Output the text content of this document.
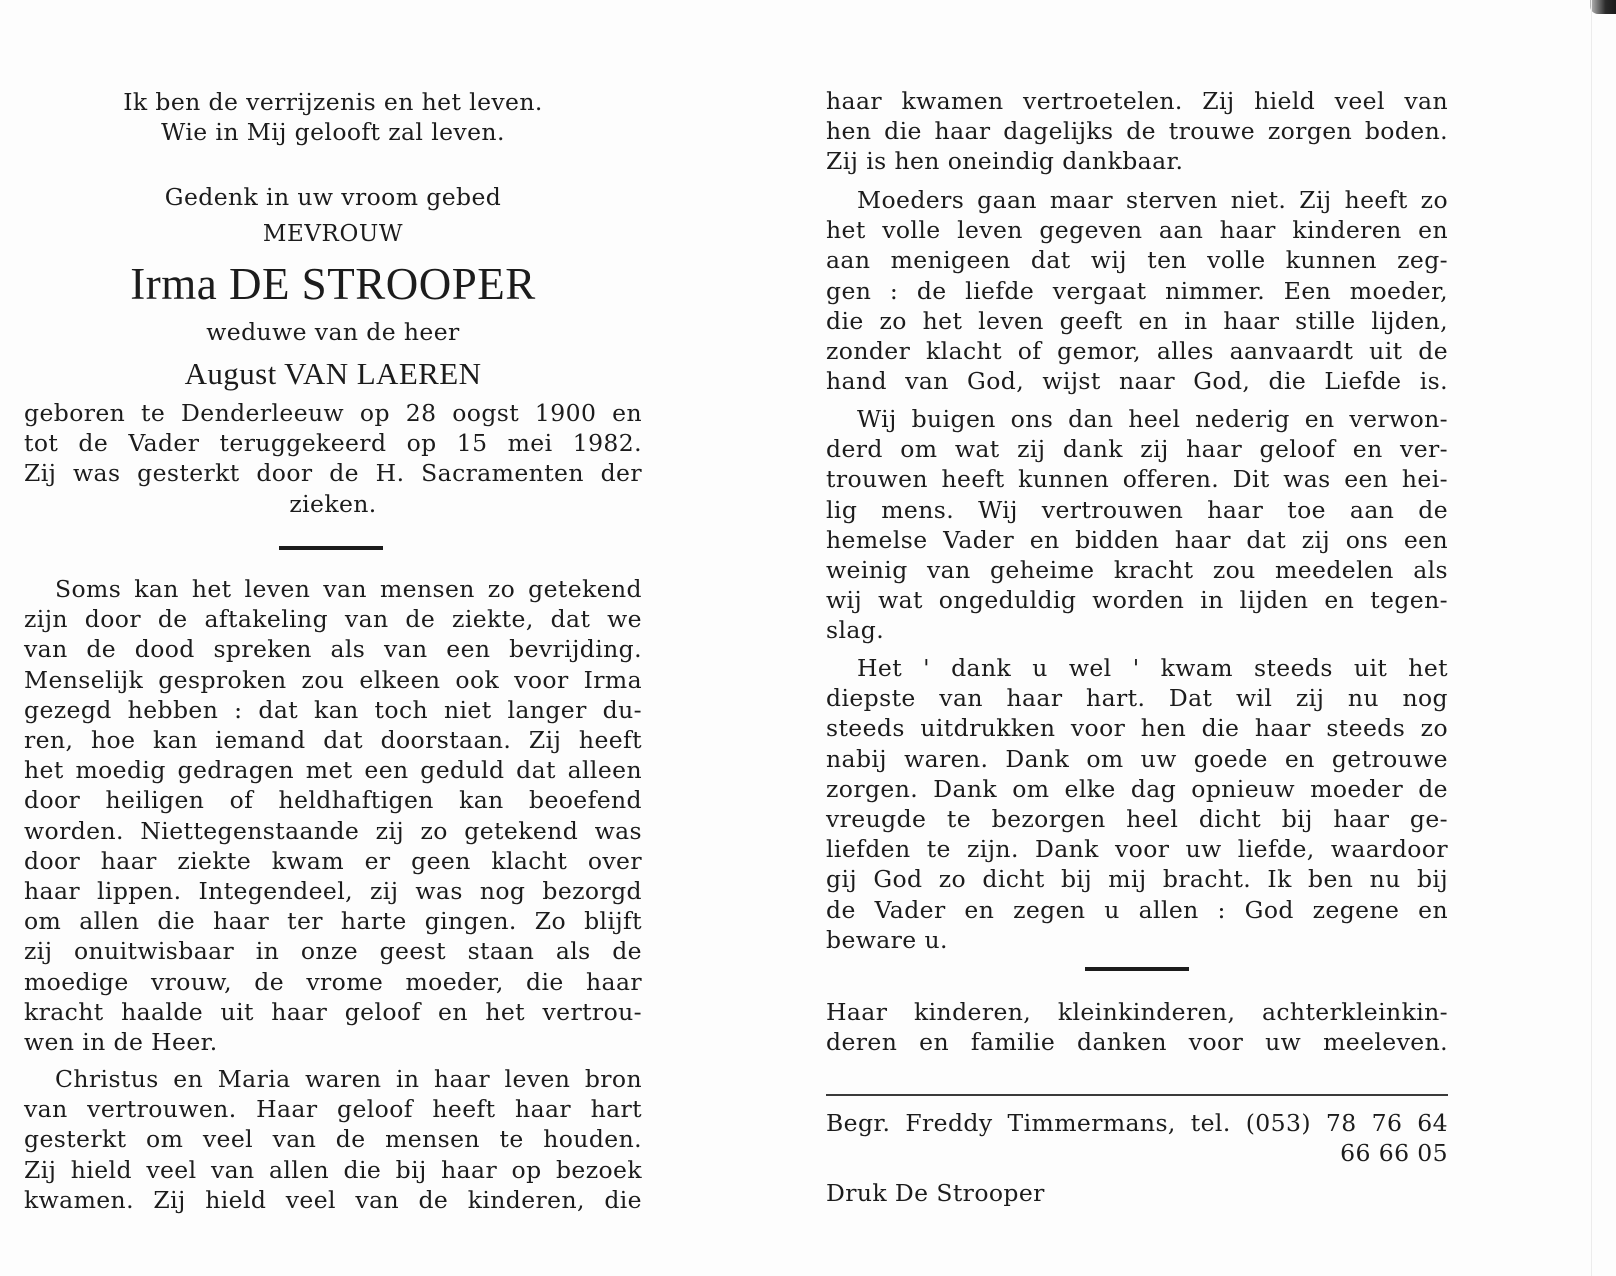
Ik ben de verrijzenis en het leven.
Wie in Mij gelooft zal leven.
Gedenk in uw vroom gebed
MEVROUW
Irma DE STROOPER
weduwe van de heer
August VAN LAEREN
geboren te Denderleeuw op 28 oogst 1900 en
tot de Vader teruggekeerd op 15 mei 1982.
Zij was gesterkt door de H. Sacramenten der
zieken.
Soms kan het leven van mensen zo getekend
zijn door de aftakeling van de ziekte, dat we
van de dood spreken als van een bevrijding.
Menselijk gesproken zou elkeen ook voor Irma
gezegd hebben : dat kan toch niet langer du-
ren, hoe kan iemand dat doorstaan. Zij heeft
het moedig gedragen met een geduld dat alleen
door heiligen of heldhaftigen kan beoefend
worden. Niettegenstaande zij zo getekend was
door haar ziekte kwam er geen klacht over
haar lippen. Integendeel, zij was nog bezorgd
om allen die haar ter harte gingen. Zo blijft
zij onuitwisbaar in onze geest staan als de
moedige vrouw, de vrome moeder, die haar
kracht haalde uit haar geloof en het vertrou-
wen in de Heer.
Christus en Maria waren in haar leven bron
van vertrouwen. Haar geloof heeft haar hart
gesterkt om veel van de mensen te houden.
Zij hield veel van allen die bij haar op bezoek
kwamen. Zij hield veel van de kinderen, die
haar kwamen vertroetelen. Zij hield veel van
hen die haar dagelijks de trouwe zorgen boden.
Zij is hen oneindig dankbaar.
Moeders gaan maar sterven niet. Zij heeft zo
het volle leven gegeven aan haar kinderen en
aan menigeen dat wij ten volle kunnen zeg-
gen : de liefde vergaat nimmer. Een moeder,
die zo het leven geeft en in haar stille lijden,
zonder klacht of gemor, alles aanvaardt uit de
hand van God, wijst naar God, die Liefde is.
Wij buigen ons dan heel nederig en verwon-
derd om wat zij dank zij haar geloof en ver-
trouwen heeft kunnen offeren. Dit was een hei-
lig mens. Wij vertrouwen haar toe aan de
hemelse Vader en bidden haar dat zij ons een
weinig van geheime kracht zou meedelen als
wij wat ongeduldig worden in lijden en tegen-
slag.
Het ' dank u wel ' kwam steeds uit het
diepste van haar hart. Dat wil zij nu nog
steeds uitdrukken voor hen die haar steeds zo
nabij waren. Dank om uw goede en getrouwe
zorgen. Dank om elke dag opnieuw moeder de
vreugde te bezorgen heel dicht bij haar ge-
liefden te zijn. Dank voor uw liefde, waardoor
gij God zo dicht bij mij bracht. Ik ben nu bij
de Vader en zegen u allen : God zegene en
beware u.
Haar kinderen, kleinkinderen, achterkleinkin-
deren en familie danken voor uw meeleven.
Begr. Freddy Timmermans, tel. (053) 78 76 64
66 66 05
Druk De Strooper
